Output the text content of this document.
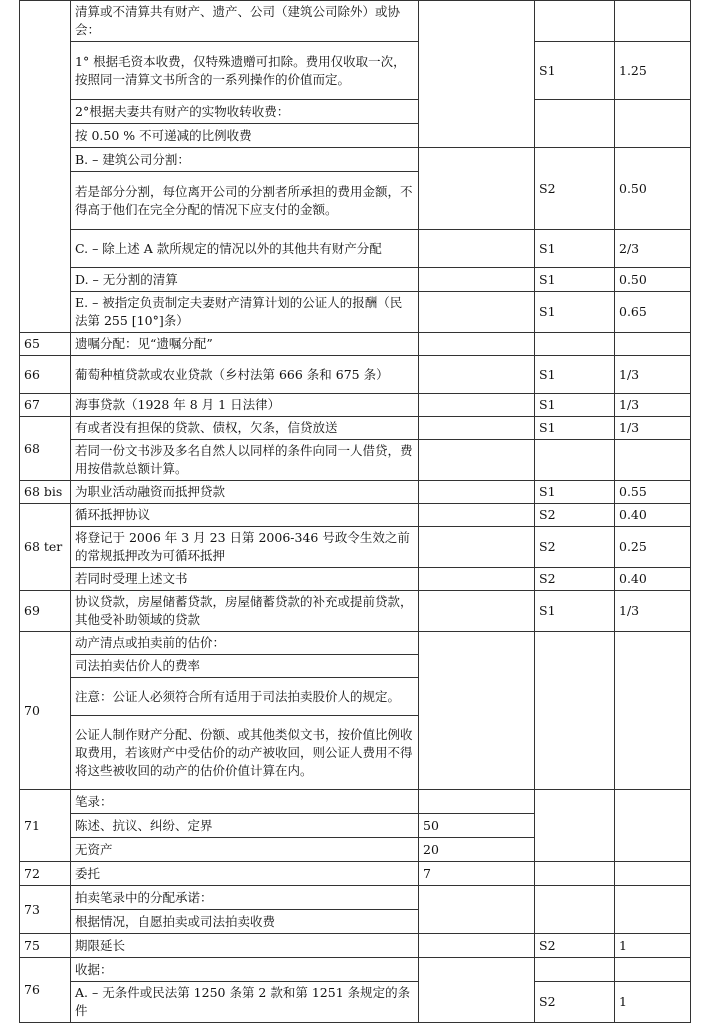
	清算或不清算共有财产、遗产、公司（建筑公司除外）或协会：			
	1° 根据毛资本收费，仅特殊遗赠可扣除。费用仅收取一次，按照同一清算文书所含的一系列操作的价值而定。		S1	1.25
	2°根据夫妻共有财产的实物收转收费：			
	按 0.50 % 不可递减的比例收费			
	B. – 建筑公司分割：		S2	0.50
	若是部分分割，每位离开公司的分割者所承担的费用金额，不得高于他们在完全分配的情况下应支付的金额。			
	C. – 除上述 A 款所规定的情况以外的其他共有财产分配		S1	2/3
	D. – 无分割的清算		S1	0.50
	E. – 被指定负责制定夫妻财产清算计划的公证人的报酬（民法第 255 [10°]条）		S1	0.65
65	遗嘱分配：见“遗嘱分配”			
66	葡萄种植贷款或农业贷款（乡村法第 666 条和 675 条）		S1	1/3
67	海事贷款（1928 年 8 月 1 日法律）		S1	1/3
68	有或者没有担保的贷款、债权，欠条，信贷放送		S1	1/3
	若同一份文书涉及多名自然人以同样的条件向同一人借贷，费用按借款总额计算。			
68 bis	为职业活动融资而抵押贷款		S1	0.55
68 ter	循环抵押协议		S2	0.40
	将登记于 2006 年 3 月 23 日第 2006-346 号政令生效之前的常规抵押改为可循环抵押		S2	0.25
	若同时受理上述文书		S2	0.40
69	协议贷款，房屋储蓄贷款，房屋储蓄贷款的补充或提前贷款，其他受补助领域的贷款		S1	1/3
70	动产清点或拍卖前的估价：			
	司法拍卖估价人的费率			
	注意：公证人必须符合所有适用于司法拍卖股价人的规定。			
	公证人制作财产分配、份额、或其他类似文书，按价值比例收取费用，若该财产中受估价的动产被收回，则公证人费用不得将这些被收回的动产的估价价值计算在内。			
71	笔录：			
	陈述、抗议、纠纷、定界	50		
	无资产	20		
72	委托	7		
73	拍卖笔录中的分配承诺：			
	根据情况，自愿拍卖或司法拍卖收费			
75	期限延长		S2	1
76	收据：			
	A. – 无条件或民法第 1250 条第 2 款和第 1251 条规定的条件		S2	1
